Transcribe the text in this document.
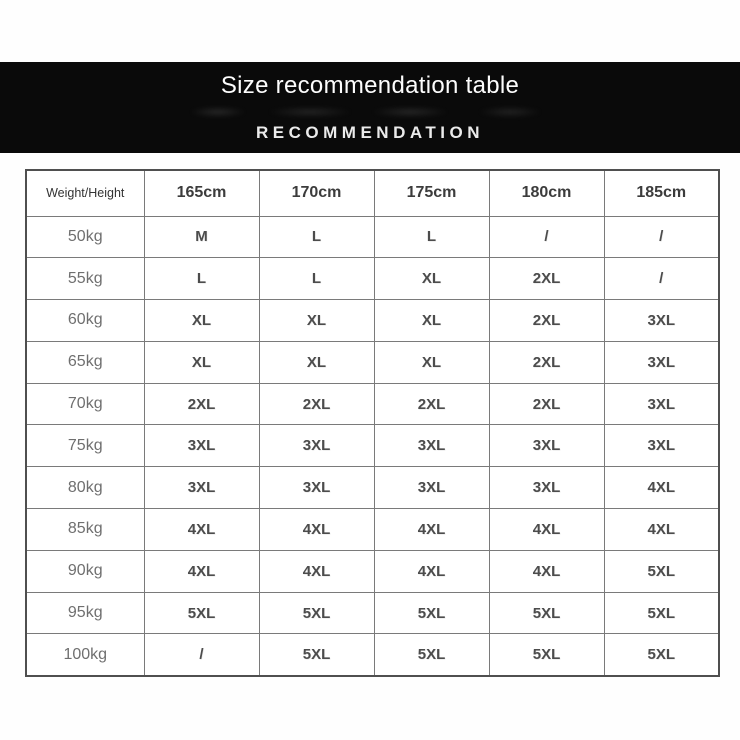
Size recommendation table
RECOMMENDATION
Weight/Height	165cm	170cm	175cm	180cm	185cm
50kg	M	L	L	/	/
55kg	L	L	XL	2XL	/
60kg	XL	XL	XL	2XL	3XL
65kg	XL	XL	XL	2XL	3XL
70kg	2XL	2XL	2XL	2XL	3XL
75kg	3XL	3XL	3XL	3XL	3XL
80kg	3XL	3XL	3XL	3XL	4XL
85kg	4XL	4XL	4XL	4XL	4XL
90kg	4XL	4XL	4XL	4XL	5XL
95kg	5XL	5XL	5XL	5XL	5XL
100kg	/	5XL	5XL	5XL	5XL
